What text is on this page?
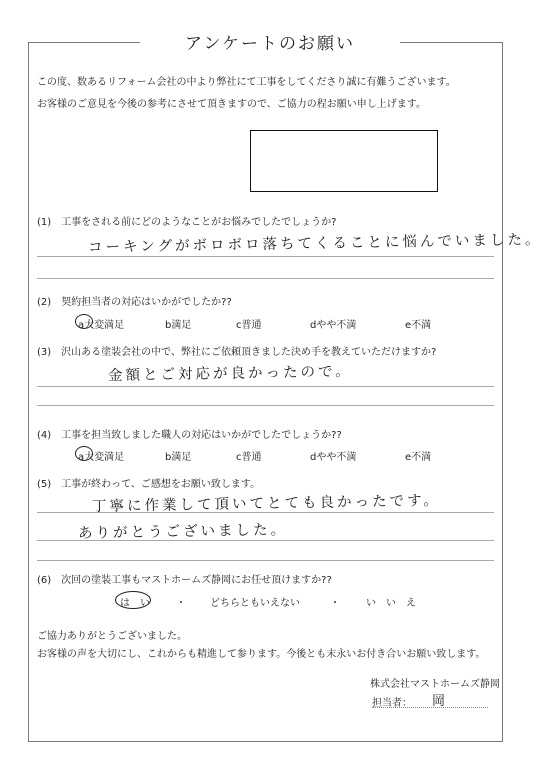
アンケートのお願い
この度、数あるリフォーム会社の中より弊社にて工事をしてくださり誠に有難うございます。
お客様のご意見を今後の参考にさせて頂きますので、ご協力の程お願い申し上げます。
(1)　工事をされる前にどのようなことがお悩みでしたでしょうか?
コーキングがボロボロ落ちてくることに悩んでいました。
(2)　契約担当者の対応はいかがでしたか??
a大変満足	b満足	c普通	dやや不満	e不満
(3)　沢山ある塗装会社の中で、弊社にご依頼頂きました決め手を教えていただけますか?
金額とご対応が良かったので。
(4)　工事を担当致しました職人の対応はいかがでしたでしょうか??
a大変満足	b満足	c普通	dやや不満	e不満
(5)　工事が終わって、ご感想をお願い致します。
丁寧に作業して頂いてとても良かったです。
ありがとうございました。
(6)　次回の塗装工事もマストホームズ静岡にお任せ頂けますか??
は　い	・ どちらともいえない	・	い　い　え
ご協力ありがとうございました。
お客様の声を大切にし、これからも精進して参ります。今後とも末永いお付き合いお願い致します。
株式会社マストホームズ静岡
担当者： 岡
